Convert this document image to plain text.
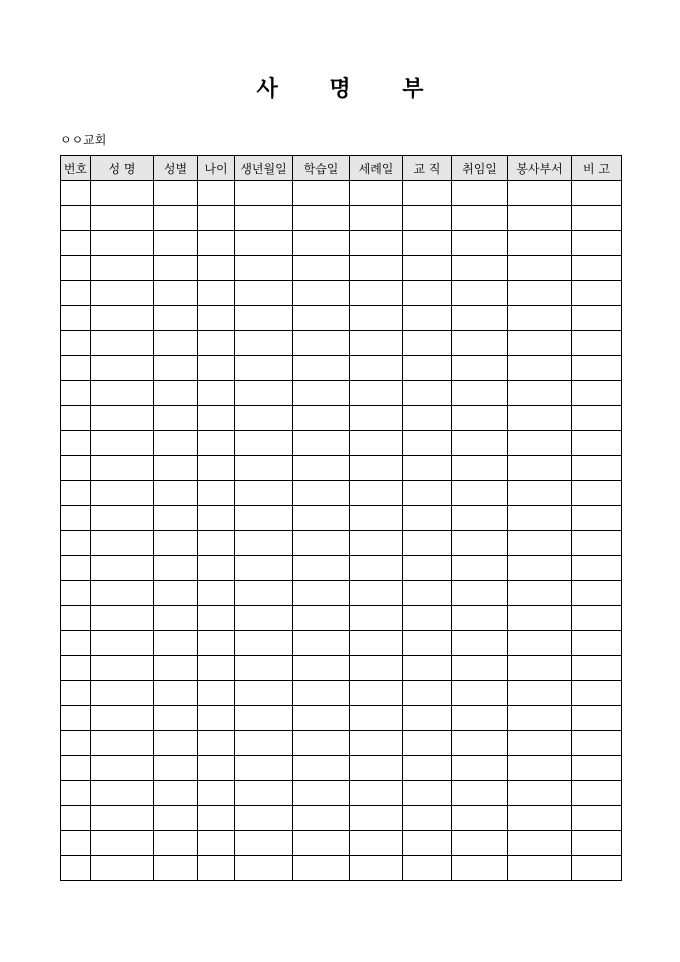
사 명 부

ㅇㅇ교회

번호	성 명	성별	나이	생년월일	학습일	세례일	교 직	취임일	봉사부서	비 고
